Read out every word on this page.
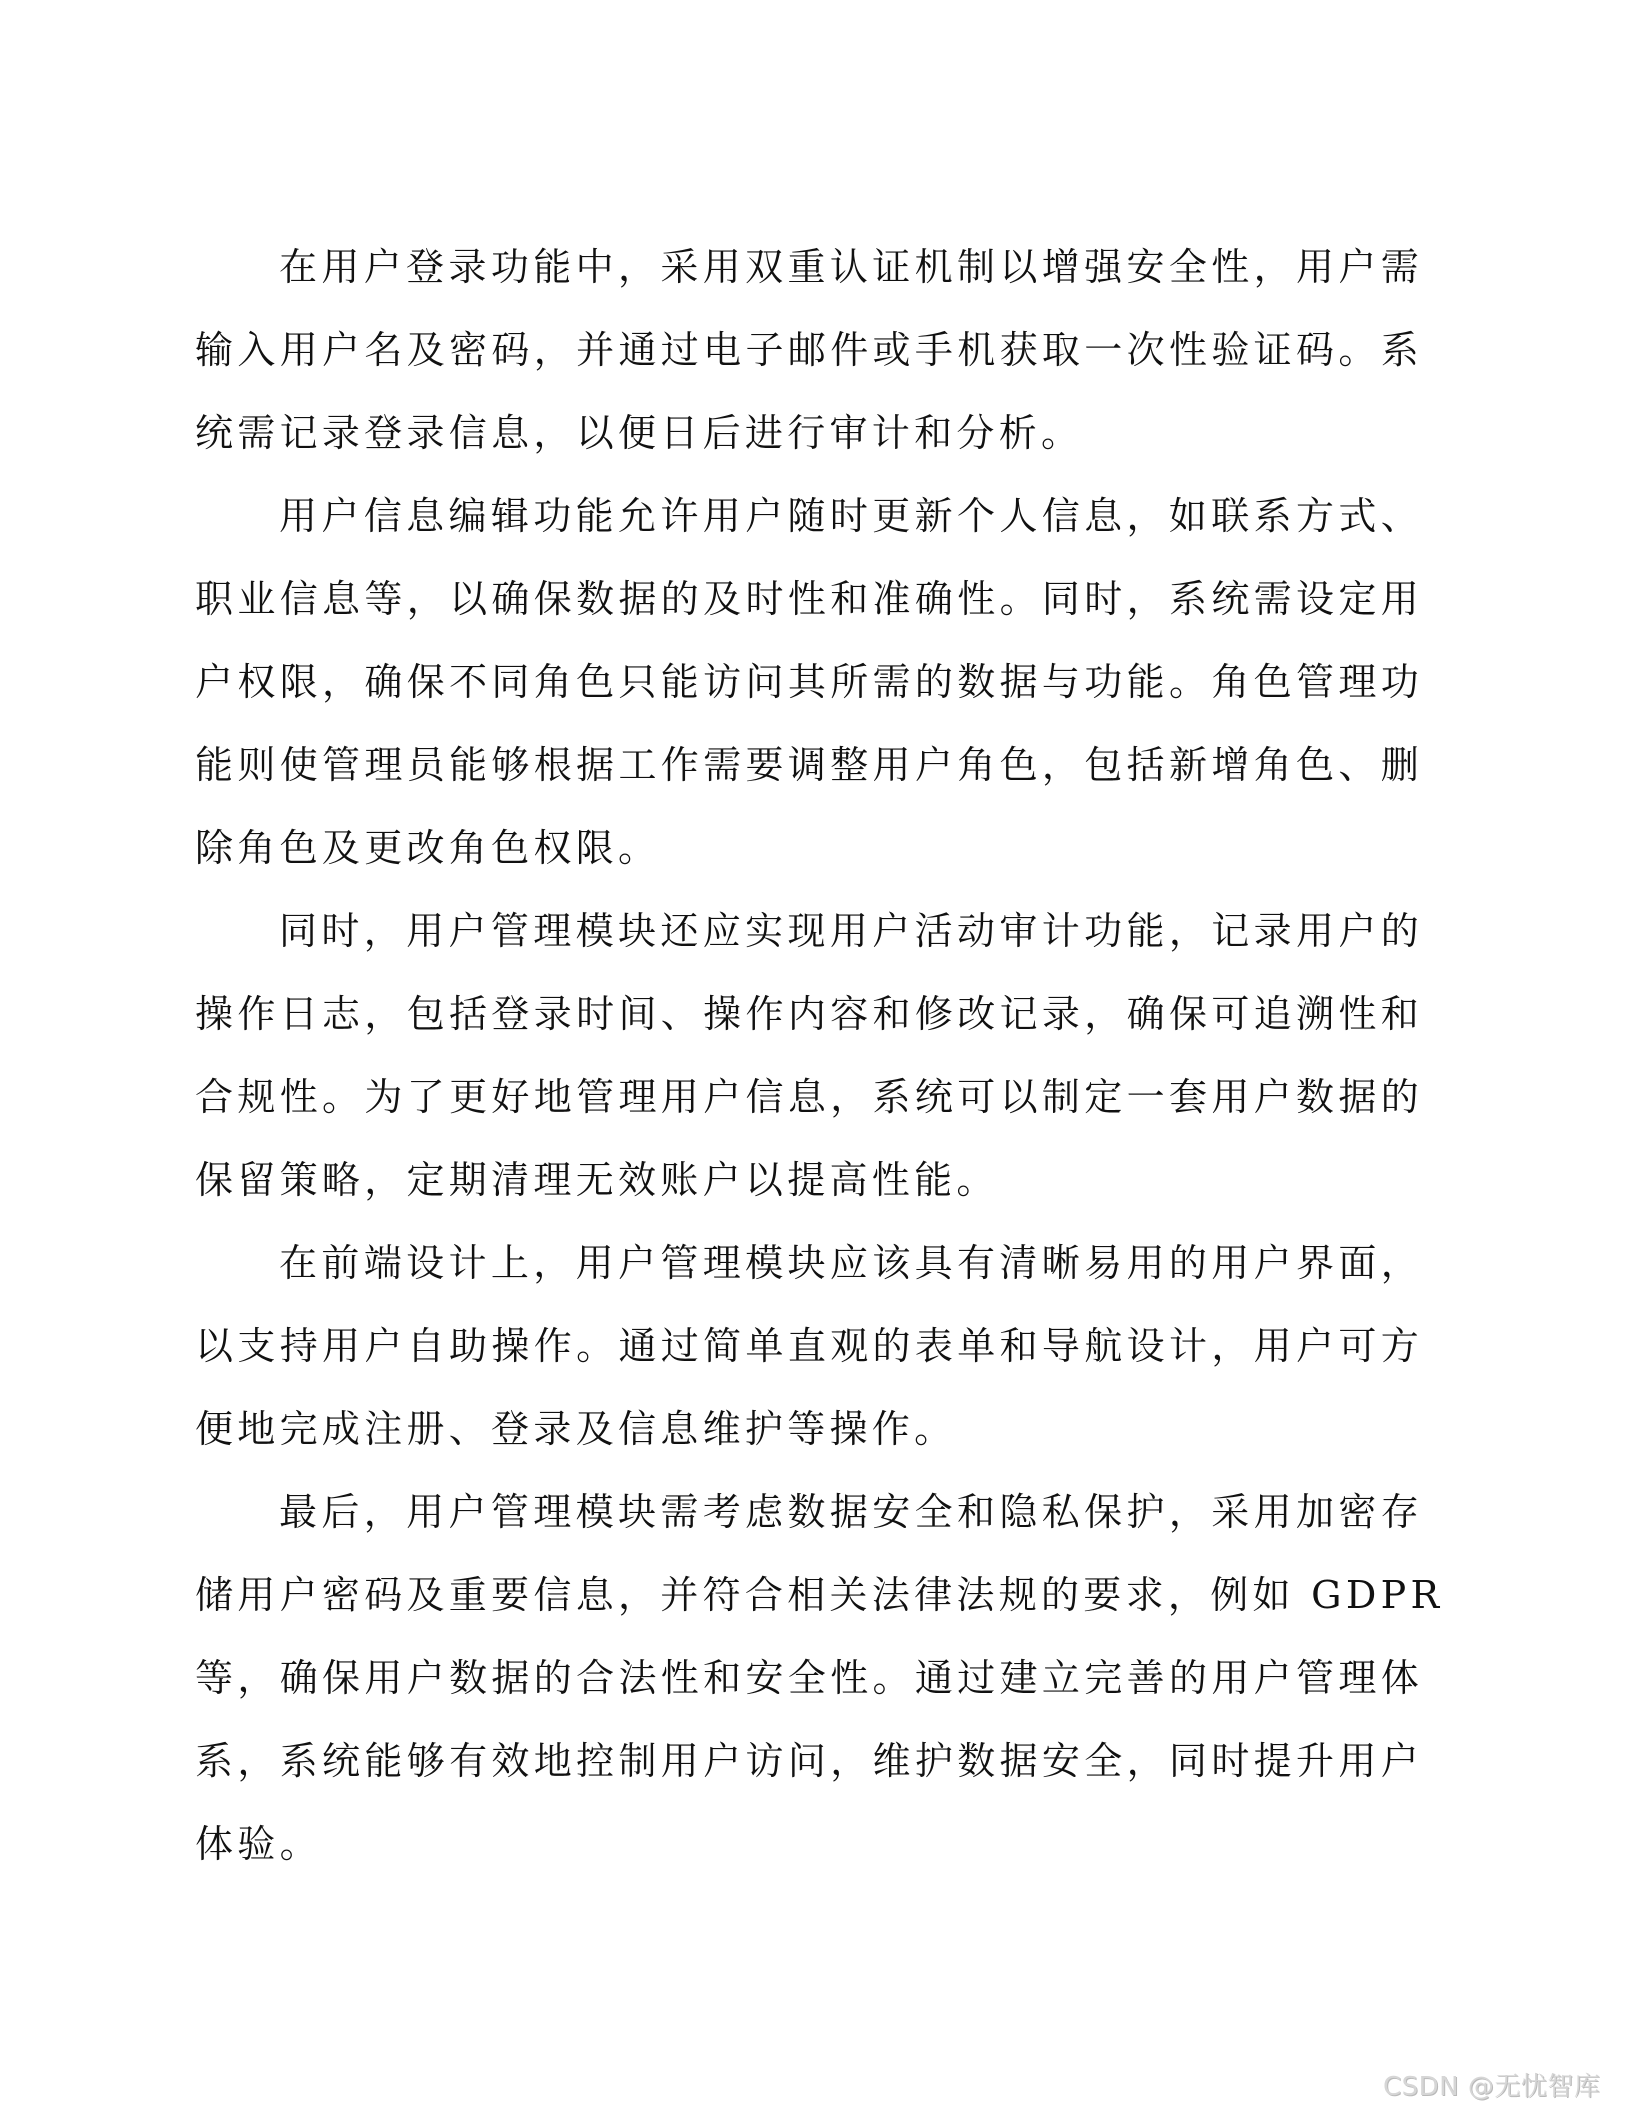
在用户登录功能中，采用双重认证机制以增强安全性，用户需
输入用户名及密码，并通过电子邮件或手机获取一次性验证码。系
统需记录登录信息，以便日后进行审计和分析。
用户信息编辑功能允许用户随时更新个人信息，如联系方式、
职业信息等，以确保数据的及时性和准确性。同时，系统需设定用
户权限，确保不同角色只能访问其所需的数据与功能。角色管理功
能则使管理员能够根据工作需要调整用户角色，包括新增角色、删
除角色及更改角色权限。
同时，用户管理模块还应实现用户活动审计功能，记录用户的
操作日志，包括登录时间、操作内容和修改记录，确保可追溯性和
合规性。为了更好地管理用户信息，系统可以制定一套用户数据的
保留策略，定期清理无效账户以提高性能。
在前端设计上，用户管理模块应该具有清晰易用的用户界面，
以支持用户自助操作。通过简单直观的表单和导航设计，用户可方
便地完成注册、登录及信息维护等操作。
最后，用户管理模块需考虑数据安全和隐私保护，采用加密存
储用户密码及重要信息，并符合相关法律法规的要求，例如 GDPR
等，确保用户数据的合法性和安全性。通过建立完善的用户管理体
系，系统能够有效地控制用户访问，维护数据安全，同时提升用户
体验。
CSDN @无忧智库
